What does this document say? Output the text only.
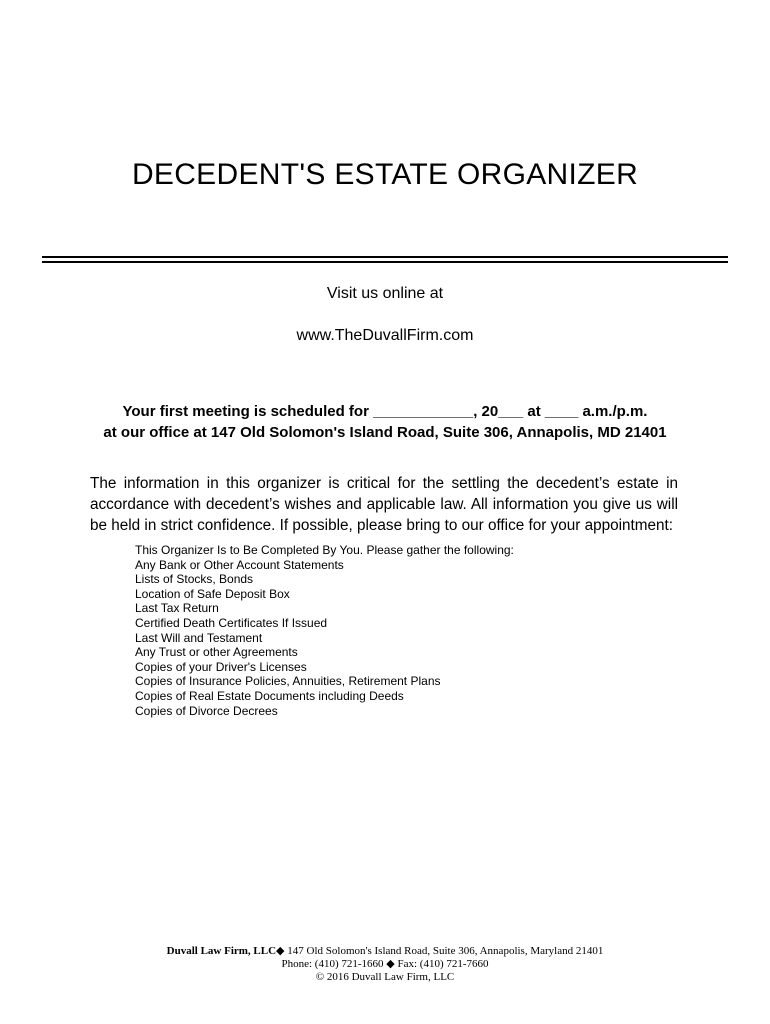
DECEDENT'S ESTATE ORGANIZER
Visit us online at
www.TheDuvallFirm.com
Your first meeting is scheduled for ____________, 20___ at ____ a.m./p.m.
at our office at 147 Old Solomon's Island Road, Suite 306, Annapolis, MD 21401

The information in this organizer is critical for the settling the decedent’s estate in accordance with decedent’s wishes and applicable law. All information you give us will be held in strict confidence. If possible, please bring to our office for your appointment:

This Organizer Is to Be Completed By You. Please gather the following:
Any Bank or Other Account Statements
Lists of Stocks, Bonds
Location of Safe Deposit Box
Last Tax Return
Certified Death Certificates If Issued
Last Will and Testament
Any Trust or other Agreements
Copies of your Driver's Licenses
Copies of Insurance Policies, Annuities, Retirement Plans
Copies of Real Estate Documents including Deeds
Copies of Divorce Decrees
Duvall Law Firm, LLC◆ 147 Old Solomon's Island Road, Suite 306, Annapolis, Maryland 21401
Phone: (410) 721-1660 ◆ Fax: (410) 721-7660
© 2016 Duvall Law Firm, LLC
